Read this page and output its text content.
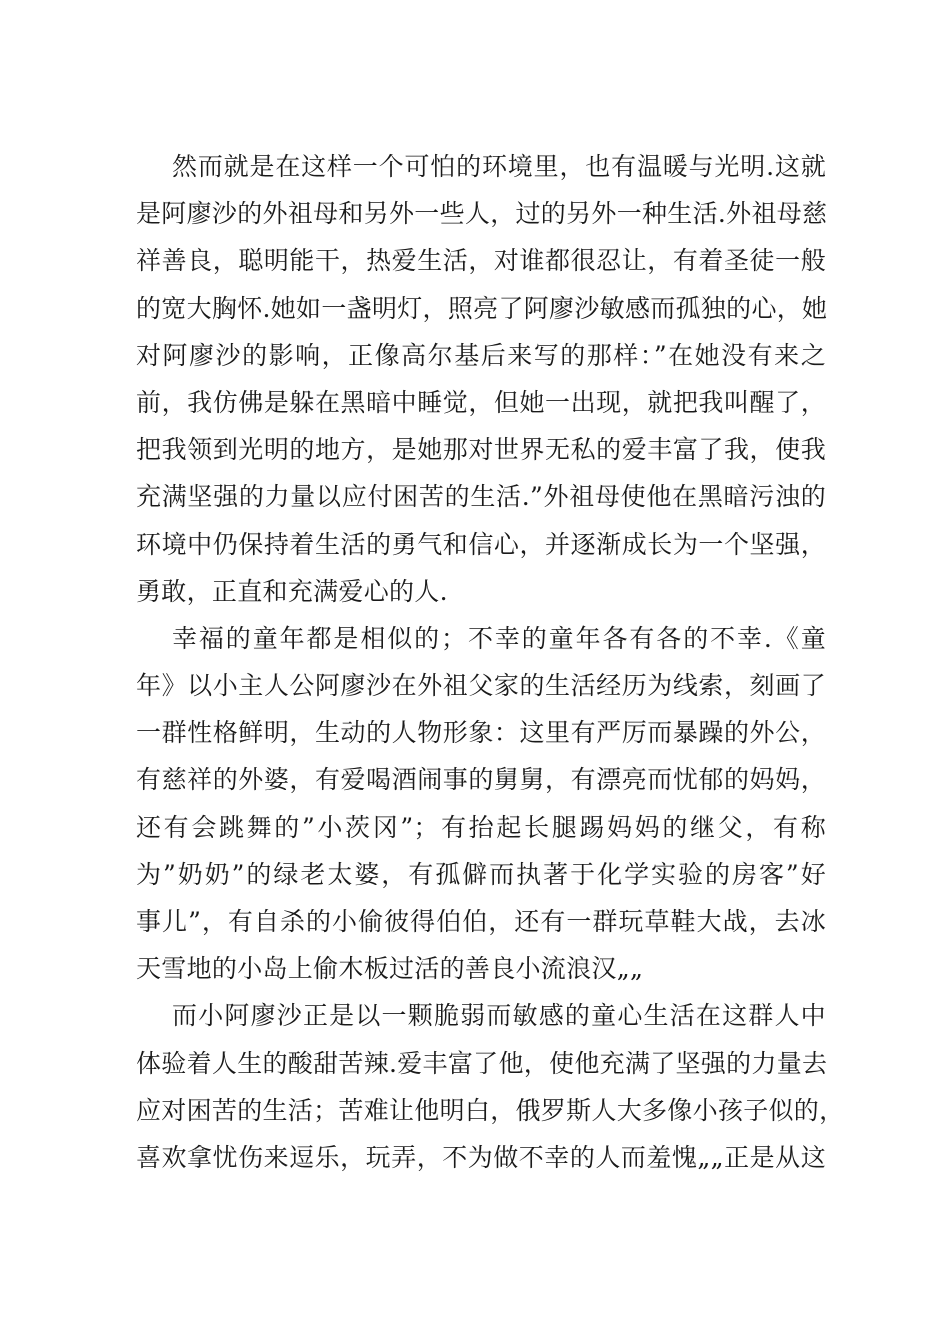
然而就是在这样一个可怕的环境里，也有温暖与光明.这就
是阿廖沙的外祖母和另外一些人，过的另外一种生活.外祖母慈
祥善良，聪明能干，热爱生活，对谁都很忍让，有着圣徒一般
的宽大胸怀.她如一盏明灯，照亮了阿廖沙敏感而孤独的心，她
对阿廖沙的影响，正像高尔基后来写的那样：”在她没有来之
前，我仿佛是躲在黑暗中睡觉，但她一出现，就把我叫醒了，
把我领到光明的地方，是她那对世界无私的爱丰富了我，使我
充满坚强的力量以应付困苦的生活.”外祖母使他在黑暗污浊的
环境中仍保持着生活的勇气和信心，并逐渐成长为一个坚强，
勇敢，正直和充满爱心的人.
幸福的童年都是相似的；不幸的童年各有各的不幸.《童
年》以小主人公阿廖沙在外祖父家的生活经历为线索，刻画了
一群性格鲜明，生动的人物形象：这里有严厉而暴躁的外公，
有慈祥的外婆，有爱喝酒闹事的舅舅，有漂亮而忧郁的妈妈，
还有会跳舞的”小茨冈”；有抬起长腿踢妈妈的继父，有称
为”奶奶”的绿老太婆，有孤僻而执著于化学实验的房客”好
事儿”，有自杀的小偷彼得伯伯，还有一群玩草鞋大战，去冰
天雪地的小岛上偷木板过活的善良小流浪汉„„
而小阿廖沙正是以一颗脆弱而敏感的童心生活在这群人中
体验着人生的酸甜苦辣.爱丰富了他，使他充满了坚强的力量去
应对困苦的生活；苦难让他明白，俄罗斯人大多像小孩子似的，
喜欢拿忧伤来逗乐，玩弄，不为做不幸的人而羞愧„„正是从这
